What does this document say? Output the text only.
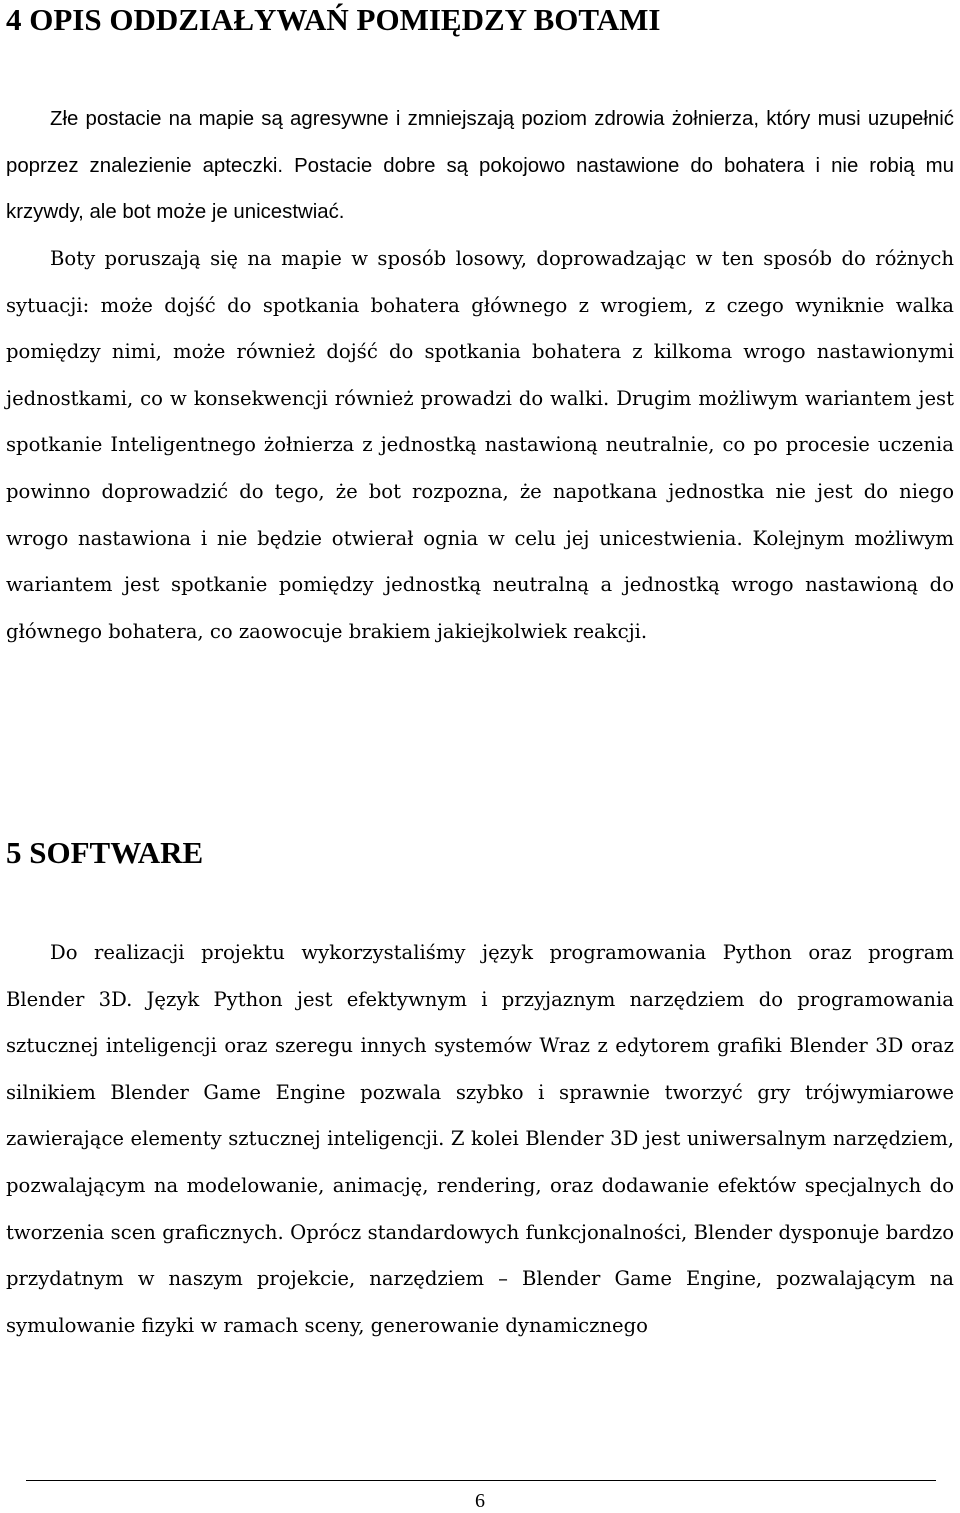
4 OPIS ODDZIAŁYWAŃ POMIĘDZY BOTAMI

Złe postacie na mapie są agresywne i zmniejszają poziom zdrowia żołnierza, który musi uzupełnić poprzez znalezienie apteczki. Postacie dobre są pokojowo nastawione do bohatera i nie robią mu krzywdy, ale bot może je unicestwiać.

Boty poruszają się na mapie w sposób losowy, doprowadzając w ten sposób do różnych sytuacji: może dojść do spotkania bohatera głównego z wrogiem, z czego wyniknie walka pomiędzy nimi, może również dojść do spotkania bohatera z kilkoma wrogo nastawionymi jednostkami, co w konsekwencji również prowadzi do walki. Drugim możliwym wariantem jest spotkanie Inteligentnego żołnierza z jednostką nastawioną neutralnie, co po procesie uczenia powinno doprowadzić do tego, że bot rozpozna, że napotkana jednostka nie jest do niego wrogo nastawiona i nie będzie otwierał ognia w celu jej unicestwienia. Kolejnym możliwym wariantem jest spotkanie pomiędzy jednostką neutralną a jednostką wrogo nastawioną do głównego bohatera, co zaowocuje brakiem jakiejkolwiek reakcji.

5 SOFTWARE

Do realizacji projektu wykorzystaliśmy język programowania Python oraz program Blender 3D. Język Python jest efektywnym i przyjaznym narzędziem do programowania sztucznej inteligencji oraz szeregu innych systemów Wraz z edytorem grafiki Blender 3D oraz silnikiem Blender Game Engine pozwala szybko i sprawnie tworzyć gry trójwymiarowe zawierające elementy sztucznej inteligencji. Z kolei Blender 3D jest uniwersalnym narzędziem, pozwalającym na modelowanie, animację, rendering, oraz dodawanie efektów specjalnych do tworzenia scen graficznych. Oprócz standardowych funkcjonalności, Blender dysponuje bardzo przydatnym w naszym projekcie, narzędziem – Blender Game Engine, pozwalającym na symulowanie fizyki w ramach sceny, generowanie dynamicznego

6
